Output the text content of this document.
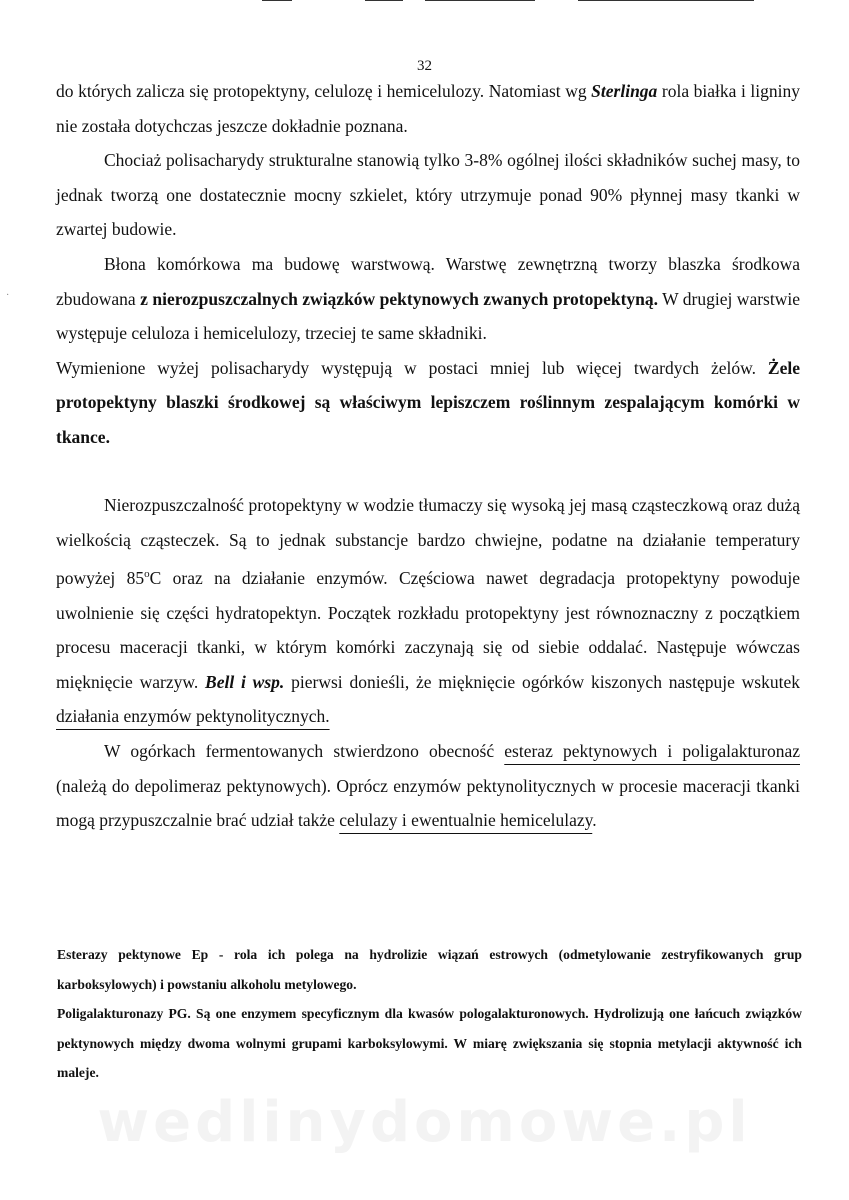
·
32

do których zalicza się protopektyny, celulozę i hemicelulozy. Natomiast wg Sterlinga rola białka i ligniny nie została dotychczas jeszcze dokładnie poznana.

Chociaż polisacharydy strukturalne stanowią tylko 3-8% ogólnej ilości składników suchej masy, to jednak tworzą one dostatecznie mocny szkielet, który utrzymuje ponad 90% płynnej masy tkanki w zwartej budowie.

Błona komórkowa ma budowę warstwową. Warstwę zewnętrzną tworzy blaszka środkowa zbudowana z nierozpuszczalnych związków pektynowych zwanych protopektyną. W drugiej warstwie występuje celuloza i hemicelulozy, trzeciej te same składniki.

Wymienione wyżej polisacharydy występują w postaci mniej lub więcej twardych żelów. Żele protopektyny blaszki środkowej są właściwym lepiszczem roślinnym zespalającym komórki w tkance.

Nierozpuszczalność protopektyny w wodzie tłumaczy się wysoką jej masą cząsteczkową oraz dużą wielkością cząsteczek. Są to jednak substancje bardzo chwiejne, podatne na działanie temperatury powyżej 85$^o$C oraz na działanie enzymów. Częściowa nawet degradacja protopektyny powoduje uwolnienie się części hydratopektyn. Początek rozkładu protopektyny jest równoznaczny z początkiem procesu maceracji tkanki, w którym komórki zaczynają się od siebie oddalać. Następuje wówczas mięknięcie warzyw. Bell i wsp. pierwsi donieśli, że mięknięcie ogórków kiszonych następuje wskutek działania enzymów pektynolitycznych.

W ogórkach fermentowanych stwierdzono obecność esteraz pektynowych i poligalakturonaz (należą do depolimeraz pektynowych). Oprócz enzymów pektynolitycznych w procesie maceracji tkanki mogą przypuszczalnie brać udział także celulazy i ewentualnie hemicelulazy.

Esterazy pektynowe Ep - rola ich polega na hydrolizie wiązań estrowych (odmetylowanie zestryfikowanych grup karboksylowych) i powstaniu alkoholu metylowego.

Poligalakturonazy PG. Są one enzymem specyficznym dla kwasów pologalakturonowych. Hydrolizują one łańcuch związków pektynowych między dwoma wolnymi grupami karboksylowymi. W miarę zwiększania się stopnia metylacji aktywność ich maleje.

wedlinydomowe.pl
